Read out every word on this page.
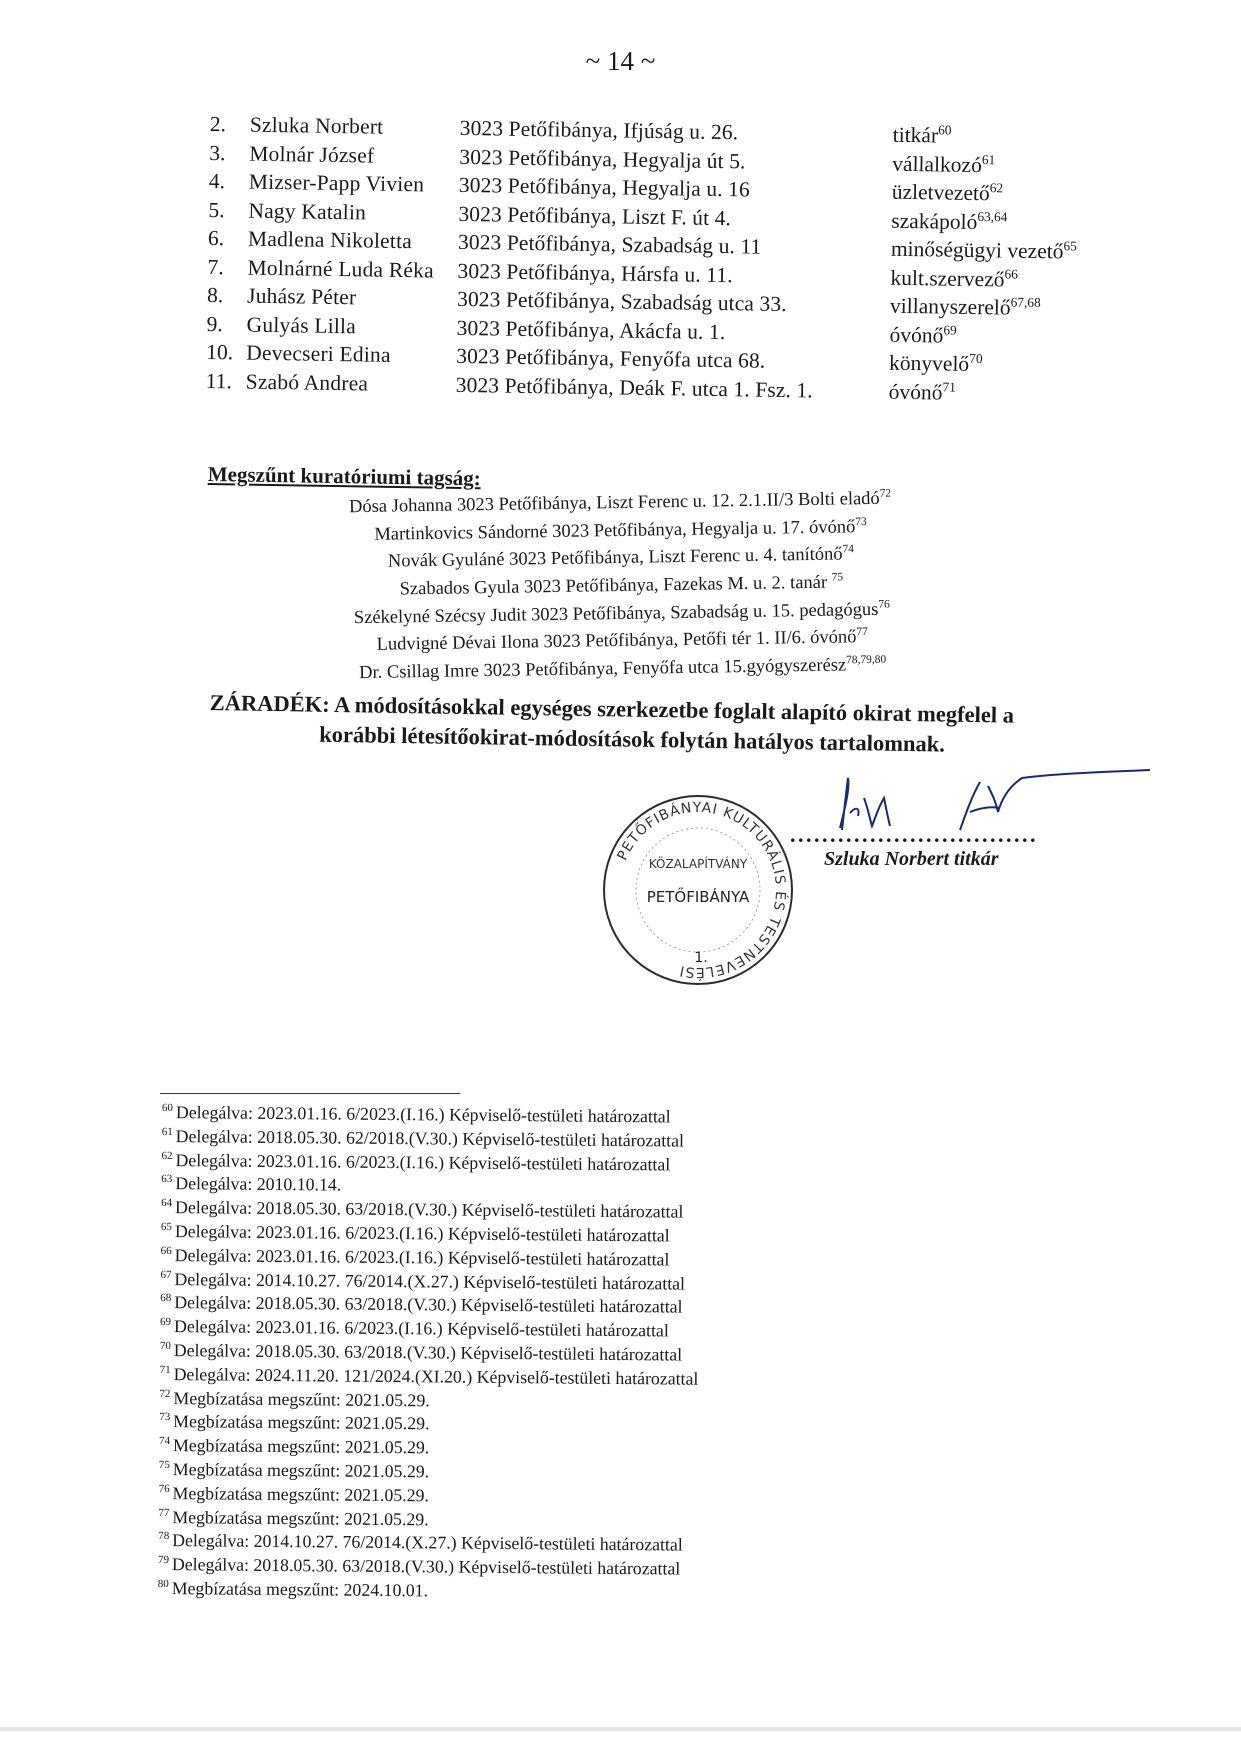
~ 14 ~
2. Szluka Norbert	3023 Petőfibánya, Ifjúság u. 26.	titkár$^{60}$
3. Molnár József	3023 Petőfibánya, Hegyalja út 5.	vállalkozó$^{61}$
4. Mizser-Papp Vivien 3023 Petőfibánya, Hegyalja u. 16	üzletvezető$^{62}$
5. Nagy Katalin	3023 Petőfibánya, Liszt F. út 4.	szakápoló$^{63,64}$
6. Madlena Nikoletta 3023 Petőfibánya, Szabadság u. 11	minőségügyi vezető$^{65}$
7. Molnárné Luda Réka 3023 Petőfibánya, Hársfa u. 11.	kult.szervező$^{66}$
8. Juhász Péter	3023 Petőfibánya, Szabadság utca 33.	villanyszerelő$^{67,68}$
9. Gulyás Lilla	3023 Petőfibánya, Akácfa u. 1.	óvónő$^{69}$
10. Devecseri Edina	3023 Petőfibánya, Fenyőfa utca 68.	könyvelő$^{70}$
11. Szabó Andrea	3023 Petőfibánya, Deák F. utca 1. Fsz. 1.	óvónő$^{71}$
Megszűnt kuratóriumi tagság:
Dósa Johanna 3023 Petőfibánya, Liszt Ferenc u. 12. 2.1.II/3 Bolti eladó$^{72}$
Martinkovics Sándorné 3023 Petőfibánya, Hegyalja u. 17. óvónő$^{73}$
Novák Gyuláné 3023 Petőfibánya, Liszt Ferenc u. 4. tanítónő$^{74}$
Szabados Gyula 3023 Petőfibánya, Fazekas M. u. 2. tanár $^{75}$
Székelyné Szécsy Judit 3023 Petőfibánya, Szabadság u. 15. pedagógus$^{76}$
Ludvigné Dévai Ilona 3023 Petőfibánya, Petőfi tér 1. II/6. óvónő$^{77}$
Dr. Csillag Imre 3023 Petőfibánya, Fenyőfa utca 15.gyógyszerész$^{78,79,80}$
ZÁRADÉK: A módosításokkal egységes szerkezetbe foglalt alapító okirat megfelel a
korábbi létesítőokirat-módosítások folytán hatályos tartalomnak.
PETŐFIBÁNYAI KULTURÁLIS ÉS TESTNEVELÉSI
KÖZALAPÍTVÁNY
PETŐFIBÁNYA
1.
...............................
Szluka Norbert titkár
$^{60}$ Delegálva: 2023.01.16. 6/2023.(I.16.) Képviselő-testületi határozattal
$^{61}$ Delegálva: 2018.05.30. 62/2018.(V.30.) Képviselő-testületi határozattal
$^{62}$ Delegálva: 2023.01.16. 6/2023.(I.16.) Képviselő-testületi határozattal
$^{63}$ Delegálva: 2010.10.14.
$^{64}$ Delegálva: 2018.05.30. 63/2018.(V.30.) Képviselő-testületi határozattal
$^{65}$ Delegálva: 2023.01.16. 6/2023.(I.16.) Képviselő-testületi határozattal
$^{66}$ Delegálva: 2023.01.16. 6/2023.(I.16.) Képviselő-testületi határozattal
$^{67}$ Delegálva: 2014.10.27. 76/2014.(X.27.) Képviselő-testületi határozattal
$^{68}$ Delegálva: 2018.05.30. 63/2018.(V.30.) Képviselő-testületi határozattal
$^{69}$ Delegálva: 2023.01.16. 6/2023.(I.16.) Képviselő-testületi határozattal
$^{70}$ Delegálva: 2018.05.30. 63/2018.(V.30.) Képviselő-testületi határozattal
$^{71}$ Delegálva: 2024.11.20. 121/2024.(XI.20.) Képviselő-testületi határozattal
$^{72}$ Megbízatása megszűnt: 2021.05.29.
$^{73}$ Megbízatása megszűnt: 2021.05.29.
$^{74}$ Megbízatása megszűnt: 2021.05.29.
$^{75}$ Megbízatása megszűnt: 2021.05.29.
$^{76}$ Megbízatása megszűnt: 2021.05.29.
$^{77}$ Megbízatása megszűnt: 2021.05.29.
$^{78}$ Delegálva: 2014.10.27. 76/2014.(X.27.) Képviselő-testületi határozattal
$^{79}$ Delegálva: 2018.05.30. 63/2018.(V.30.) Képviselő-testületi határozattal
$^{80}$ Megbízatása megszűnt: 2024.10.01.
